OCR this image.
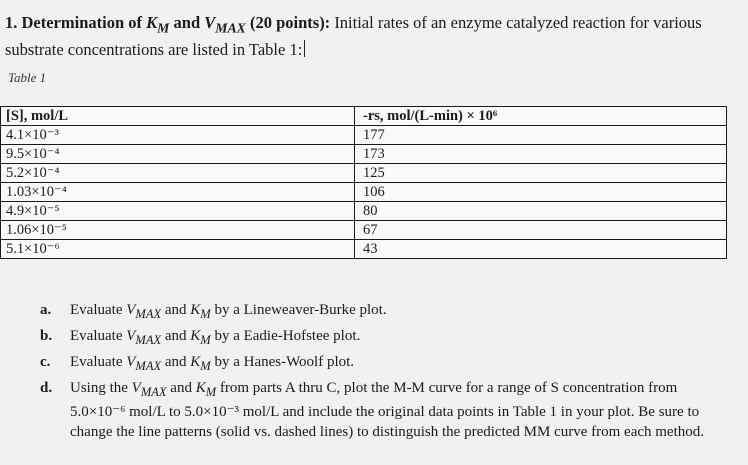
1. Determination of $K_M$ and $V_{MAX}$ (20 points): Initial rates of an enzyme catalyzed reaction for various
substrate concentrations are listed in Table 1:
Table 1
[S], mol/L	-rs, mol/(L-min) × 10⁶
4.1×10⁻³	177
9.5×10⁻⁴	173
5.2×10⁻⁴	125
1.03×10⁻⁴	106
4.9×10⁻⁵	80
1.06×10⁻⁵	67
5.1×10⁻⁶	43
a. Evaluate $V_{MAX}$ and $K_M$ by a Lineweaver-Burke plot.
b. Evaluate $V_{MAX}$ and $K_M$ by a Eadie-Hofstee plot.
c. Evaluate $V_{MAX}$ and $K_M$ by a Hanes-Woolf plot.
d. Using the $V_{MAX}$ and $K_M$ from parts A thru C, plot the M-M curve for a range of S concentration from 5.0×10⁻⁶ mol/L to 5.0×10⁻³ mol/L and include the original data points in Table 1 in your plot. Be sure to change the line patterns (solid vs. dashed lines) to distinguish the predicted MM curve from each method.
